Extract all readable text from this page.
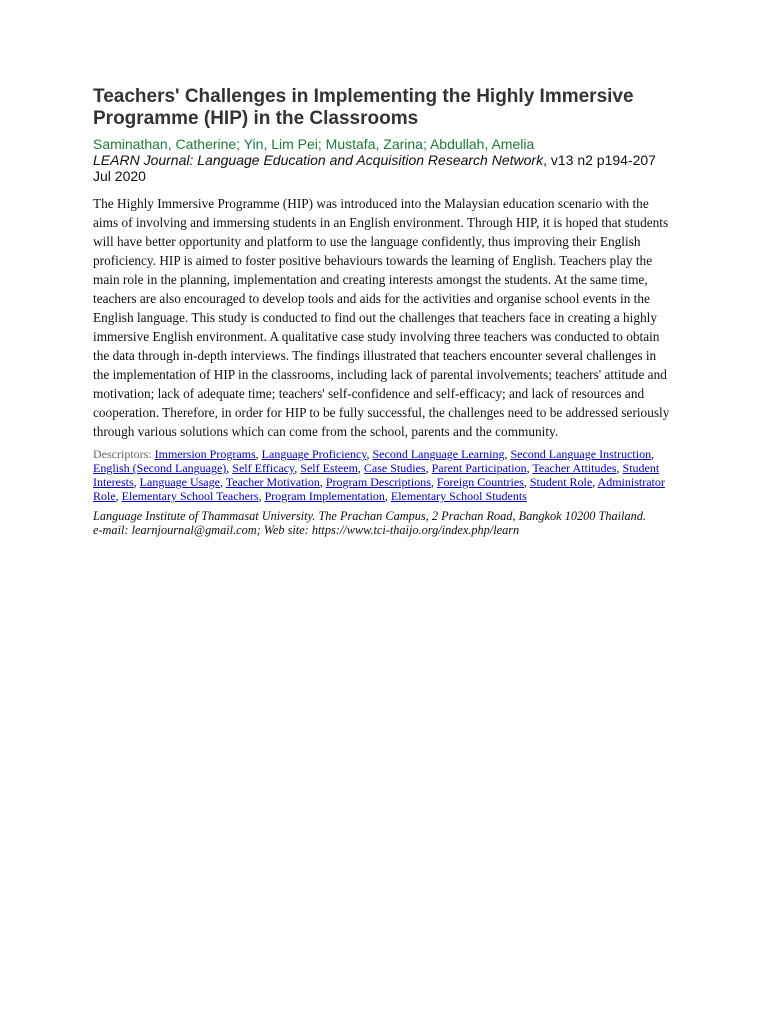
Teachers' Challenges in Implementing the Highly Immersive Programme (HIP) in the Classrooms

Saminathan, Catherine; Yin, Lim Pei; Mustafa, Zarina; Abdullah, Amelia

LEARN Journal: Language Education and Acquisition Research Network, v13 n2 p194-207 Jul 2020

The Highly Immersive Programme (HIP) was introduced into the Malaysian education scenario with the aims of involving and immersing students in an English environment. Through HIP, it is hoped that students will have better opportunity and platform to use the language confidently, thus improving their English proficiency. HIP is aimed to foster positive behaviours towards the learning of English. Teachers play the main role in the planning, implementation and creating interests amongst the students. At the same time, teachers are also encouraged to develop tools and aids for the activities and organise school events in the English language. This study is conducted to find out the challenges that teachers face in creating a highly immersive English environment. A qualitative case study involving three teachers was conducted to obtain the data through in-depth interviews. The findings illustrated that teachers encounter several challenges in the implementation of HIP in the classrooms, including lack of parental involvements; teachers' attitude and motivation; lack of adequate time; teachers' self-confidence and self-efficacy; and lack of resources and cooperation. Therefore, in order for HIP to be fully successful, the challenges need to be addressed seriously through various solutions which can come from the school, parents and the community.

Descriptors: Immersion Programs, Language Proficiency, Second Language Learning, Second Language Instruction, English (Second Language), Self Efficacy, Self Esteem, Case Studies, Parent Participation, Teacher Attitudes, Student Interests, Language Usage, Teacher Motivation, Program Descriptions, Foreign Countries, Student Role, Administrator Role, Elementary School Teachers, Program Implementation, Elementary School Students

Language Institute of Thammasat University. The Prachan Campus, 2 Prachan Road, Bangkok 10200 Thailand.
e-mail: learnjournal@gmail.com; Web site: https://www.tci-thaijo.org/index.php/learn
